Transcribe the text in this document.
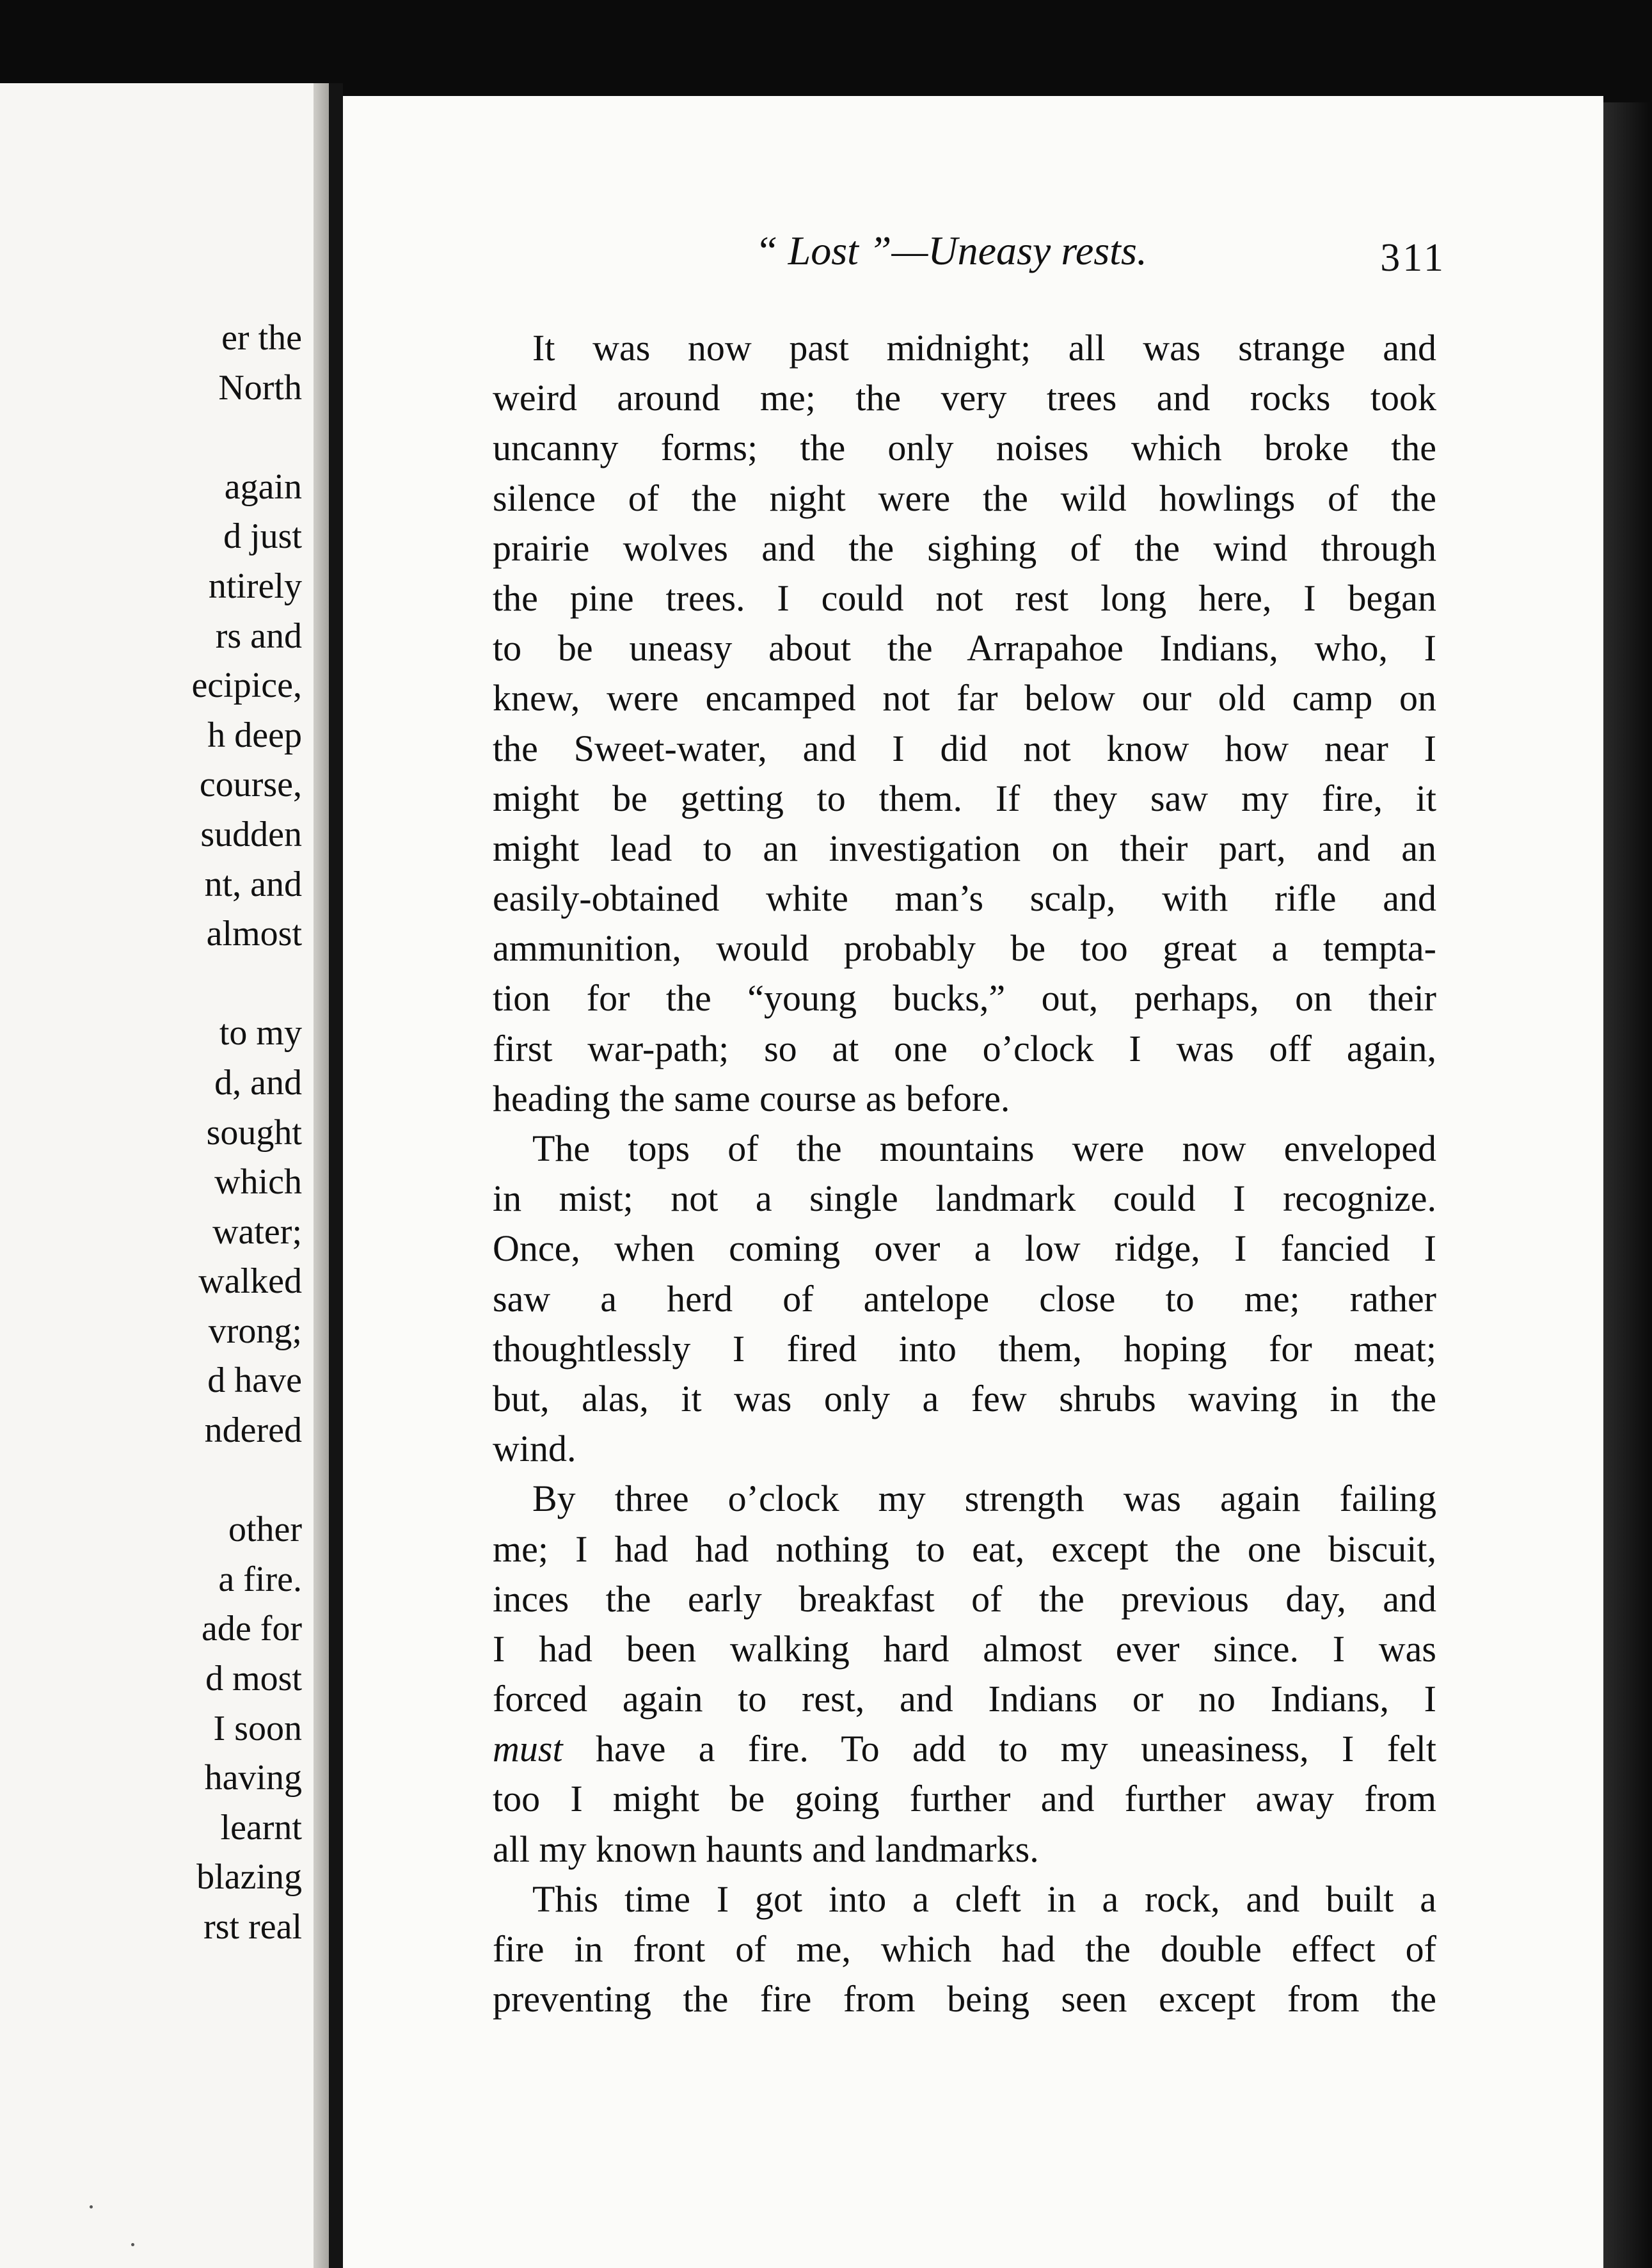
er the
North
again
d just
ntirely
rs and
ecipice,
h deep
course,
sudden
nt, and
almost
to my
d, and
sought
which
water;
walked
vrong;
d have
ndered
other
a fire.
ade for
d most
I soon
having
learnt
blazing
rst real
“ Lost ”—Uneasy rests.	311
It was now past midnight; all was strange and
weird around me; the very trees and rocks took
uncanny forms; the only noises which broke the
silence of the night were the wild howlings of the
prairie wolves and the sighing of the wind through
the pine trees. I could not rest long here, I began
to be uneasy about the Arrapahoe Indians, who, I
knew, were encamped not far below our old camp on
the Sweet-water, and I did not know how near I
might be getting to them. If they saw my fire, it
might lead to an investigation on their part, and an
easily-obtained white man’s scalp, with rifle and
ammunition, would probably be too great a tempta-
tion for the “young bucks,” out, perhaps, on their
first war-path; so at one o’clock I was off again,
heading the same course as before.
The tops of the mountains were now enveloped
in mist; not a single landmark could I recognize.
Once, when coming over a low ridge, I fancied I
saw a herd of antelope close to me; rather
thoughtlessly I fired into them, hoping for meat;
but, alas, it was only a few shrubs waving in the
wind.
By three o’clock my strength was again failing
me; I had had nothing to eat, except the one biscuit,
inces the early breakfast of the previous day, and
I had been walking hard almost ever since. I was
forced again to rest, and Indians or no Indians, I
must have a fire. To add to my uneasiness, I felt
too I might be going further and further away from
all my known haunts and landmarks.
This time I got into a cleft in a rock, and built a
fire in front of me, which had the double effect of
preventing the fire from being seen except from the
